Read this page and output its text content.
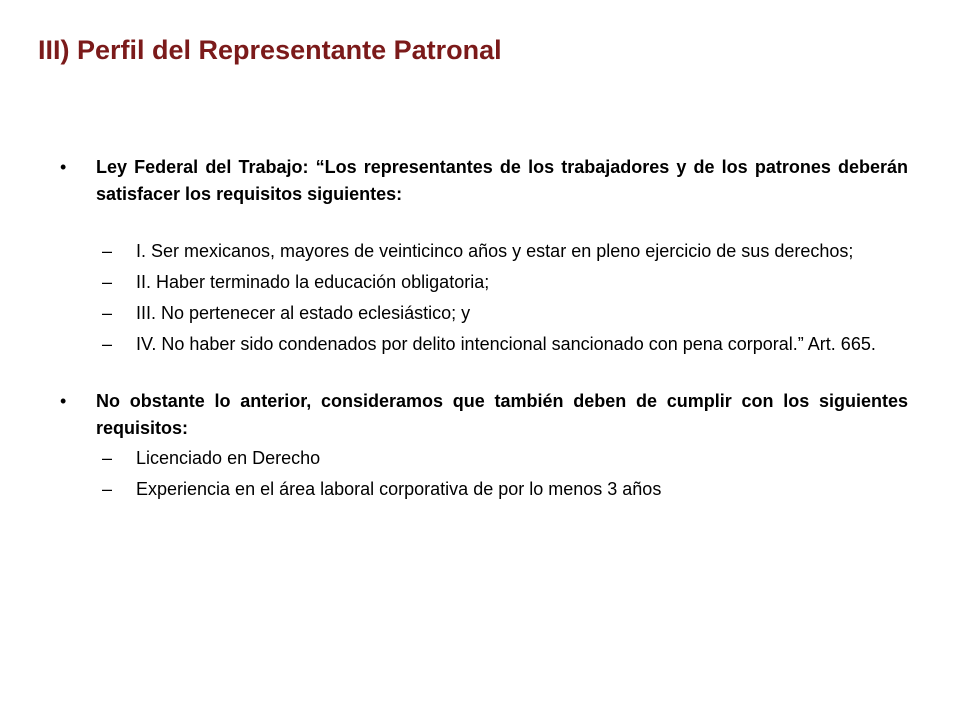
III) Perfil del Representante Patronal
• Ley Federal del Trabajo: “Los representantes de los trabajadores y de los patrones deberán satisfacer los requisitos siguientes:
– I. Ser mexicanos, mayores de veinticinco años y estar en pleno ejercicio de sus derechos;
– II. Haber terminado la educación obligatoria;
– III. No pertenecer al estado eclesiástico; y
– IV. No haber sido condenados por delito intencional sancionado con pena corporal.” Art. 665.
• No obstante lo anterior, consideramos que también deben de cumplir con los siguientes requisitos:
– Licenciado en Derecho
– Experiencia en el área laboral corporativa de por lo menos 3 años
